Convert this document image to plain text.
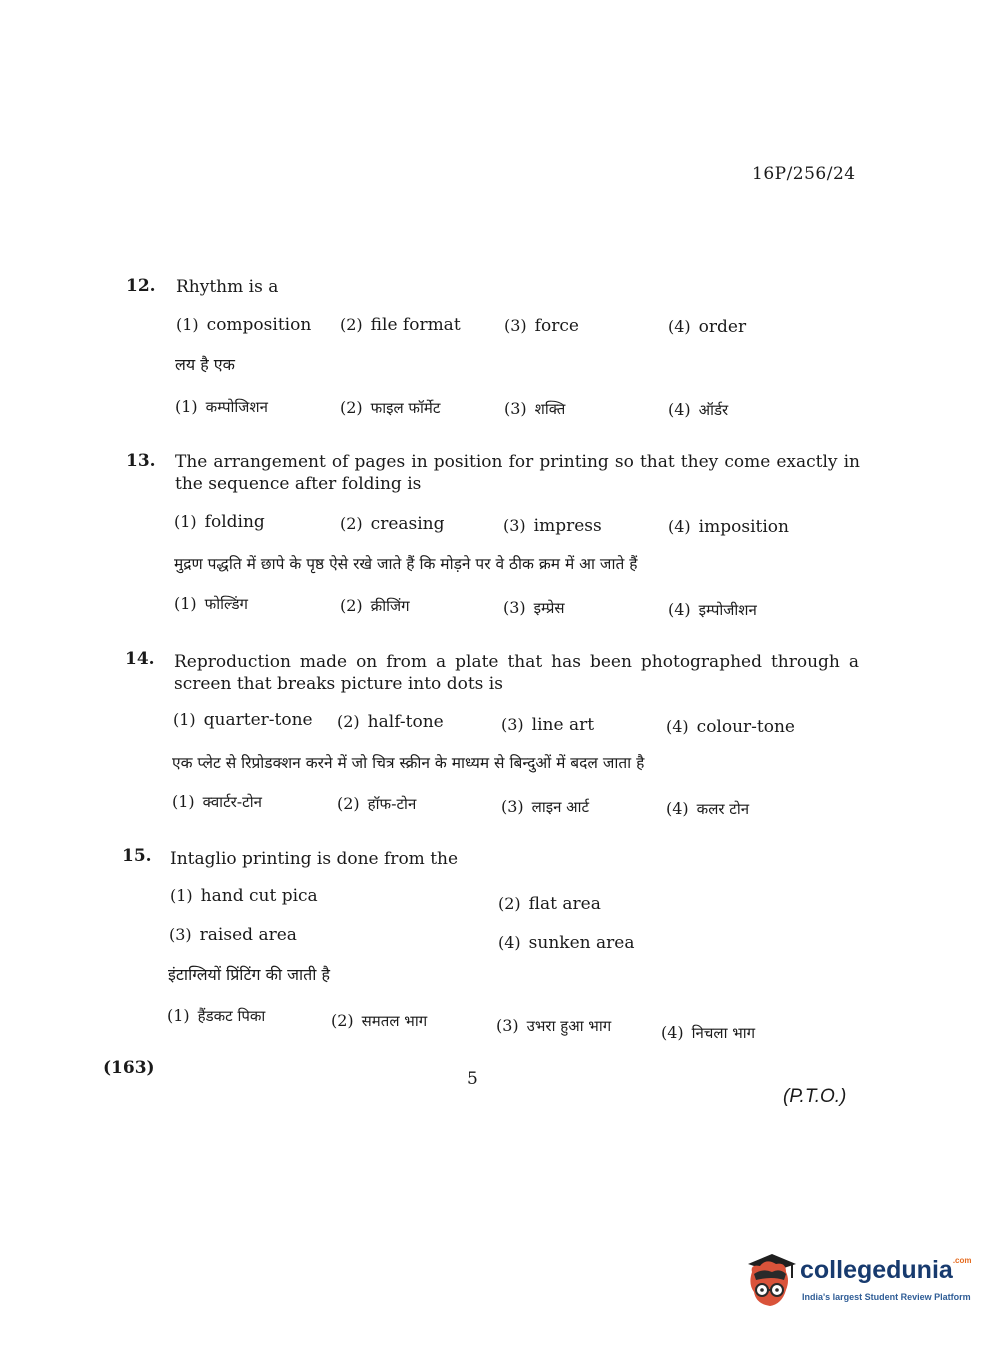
16P/256/24
12. Rhythm is a
(1) composition (2) file format	(3) force	(4) order
लय है एक
(1) कम्पोजिशन	(2) फाइल फॉर्मेट	(3) शक्ति	(4) ऑर्डर
13. The arrangement of pages in position for printing so that they come exactly in the sequence after folding is
(1) folding	(2) creasing	(3) impress	(4) imposition
मुद्रण पद्धति में छापे के पृष्ठ ऐसे रखे जाते हैं कि मोड़ने पर वे ठीक क्रम में आ जाते हैं
(1) फोल्डिंग	(2) क्रीजिंग	(3) इम्प्रेस	(4) इम्पोजीशन
14. Reproduction made on from a plate that has been photographed through a screen that breaks picture into dots is
(1) quarter-tone (2) half-tone	(3) line art	(4) colour-tone
एक प्लेट से रिप्रोडक्शन करने में जो चित्र स्क्रीन के माध्यम से बिन्दुओं में बदल जाता है
(1) क्वार्टर-टोन	(2) हॉफ-टोन	(3) लाइन आर्ट	(4) कलर टोन
15. Intaglio printing is done from the
(1) hand cut pica	(2) flat area
(3) raised area	(4) sunken area
इंटाग्लियों प्रिंटिंग की जाती है
(1) हैंडकट पिका	(2) समतल भाग	(3) उभरा हुआ भाग	(4) निचला भाग
(163)
5
(P.T.O.)
collegedunia$^{.com}$
India's largest Student Review Platform
